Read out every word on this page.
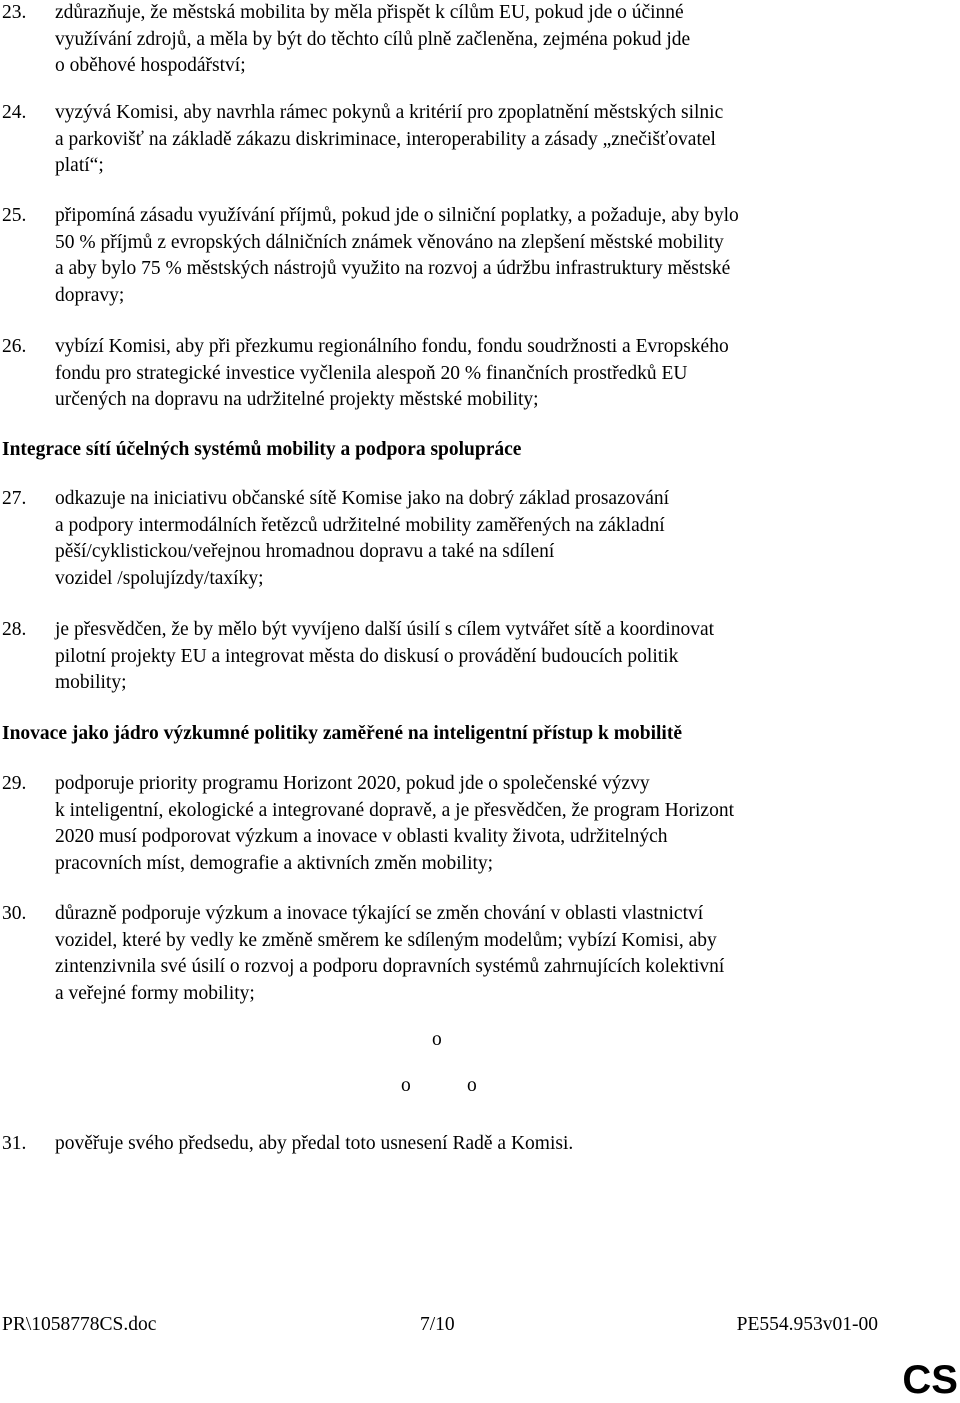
23. zdůrazňuje, že městská mobilita by měla přispět k cílům EU, pokud jde o účinné
využívání zdrojů, a měla by být do těchto cílů plně začleněna, zejména pokud jde
o oběhové hospodářství;
24. vyzývá Komisi, aby navrhla rámec pokynů a kritérií pro zpoplatnění městských silnic
a parkovišť na základě zákazu diskriminace, interoperability a zásady „znečišťovatel
platí“;
25. připomíná zásadu využívání příjmů, pokud jde o silniční poplatky, a požaduje, aby bylo
50 % příjmů z evropských dálničních známek věnováno na zlepšení městské mobility
a aby bylo 75 % městských nástrojů využito na rozvoj a údržbu infrastruktury městské
dopravy;
26. vybízí Komisi, aby při přezkumu regionálního fondu, fondu soudržnosti a Evropského
fondu pro strategické investice vyčlenila alespoň 20 % finančních prostředků EU
určených na dopravu na udržitelné projekty městské mobility;
Integrace sítí účelných systémů mobility a podpora spolupráce
27. odkazuje na iniciativu občanské sítě Komise jako na dobrý základ prosazování
a podpory intermodálních řetězců udržitelné mobility zaměřených na základní
pěší/cyklistickou/veřejnou hromadnou dopravu a také na sdílení
vozidel /spolujízdy/taxíky;
28. je přesvědčen, že by mělo být vyvíjeno další úsilí s cílem vytvářet sítě a koordinovat
pilotní projekty EU a integrovat města do diskusí o provádění budoucích politik
mobility;
Inovace jako jádro výzkumné politiky zaměřené na inteligentní přístup k mobilitě
29. podporuje priority programu Horizont 2020, pokud jde o společenské výzvy
k inteligentní, ekologické a integrované dopravě, a je přesvědčen, že program Horizont
2020 musí podporovat výzkum a inovace v oblasti kvality života, udržitelných
pracovních míst, demografie a aktivních změn mobility;
30. důrazně podporuje výzkum a inovace týkající se změn chování v oblasti vlastnictví
vozidel, které by vedly ke změně směrem ke sdíleným modelům; vybízí Komisi, aby
zintenzivnila své úsilí o rozvoj a podporu dopravních systémů zahrnujících kolektivní
a veřejné formy mobility;
o
o	o
31. pověřuje svého předsedu, aby předal toto usnesení Radě a Komisi.
PR\1058778CS.doc	7/10	PE554.953v01-00
CS
